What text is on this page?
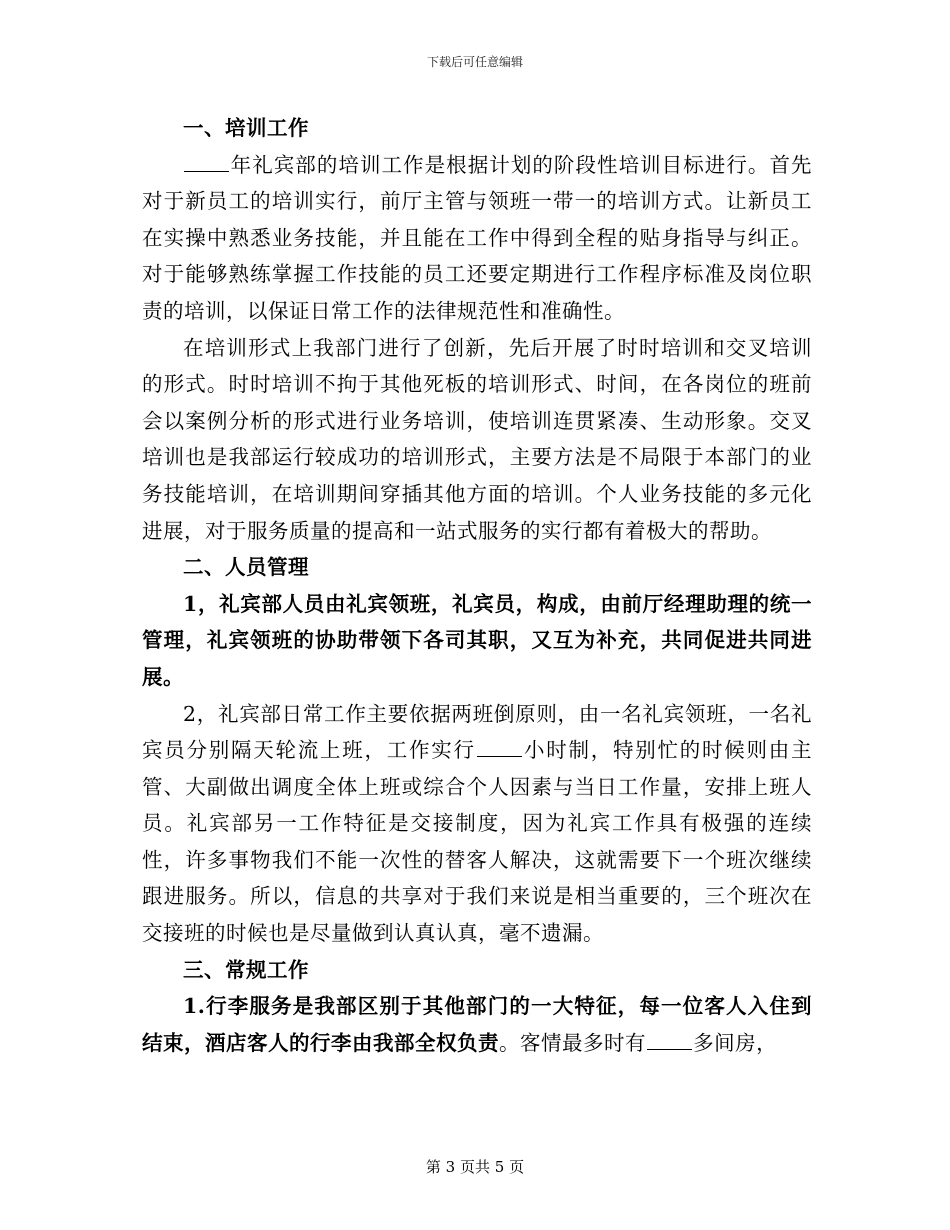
下载后可任意编辑

一、培训工作

年礼宾部的培训工作是根据计划的阶段性培训目标进行。首先对于新员工的培训实行，前厅主管与领班一带一的培训方式。让新员工在实操中熟悉业务技能，并且能在工作中得到全程的贴身指导与纠正。对于能够熟练掌握工作技能的员工还要定期进行工作程序标准及岗位职责的培训，以保证日常工作的法律规范性和准确性。

在培训形式上我部门进行了创新，先后开展了时时培训和交叉培训的形式。时时培训不拘于其他死板的培训形式、时间，在各岗位的班前会以案例分析的形式进行业务培训，使培训连贯紧凑、生动形象。交叉培训也是我部运行较成功的培训形式，主要方法是不局限于本部门的业务技能培训，在培训期间穿插其他方面的培训。个人业务技能的多元化进展，对于服务质量的提高和一站式服务的实行都有着极大的帮助。

二、人员管理

1，礼宾部人员由礼宾领班，礼宾员，构成，由前厅经理助理的统一管理，礼宾领班的协助带领下各司其职，又互为补充，共同促进共同进展。

2，礼宾部日常工作主要依据两班倒原则，由一名礼宾领班，一名礼宾员分别隔天轮流上班，工作实行 小时制，特别忙的时候则由主管、大副做出调度全体上班或综合个人因素与当日工作量，安排上班人员。礼宾部另一工作特征是交接制度，因为礼宾工作具有极强的连续性，许多事物我们不能一次性的替客人解决，这就需要下一个班次继续跟进服务。所以，信息的共享对于我们来说是相当重要的，三个班次在交接班的时候也是尽量做到认真认真，毫不遗漏。

三、常规工作

1.行李服务是我部区别于其他部门的一大特征，每一位客人入住到结束，酒店客人的行李由我部全权负责。客情最多时有 多间房，

第 3 页共 5 页
